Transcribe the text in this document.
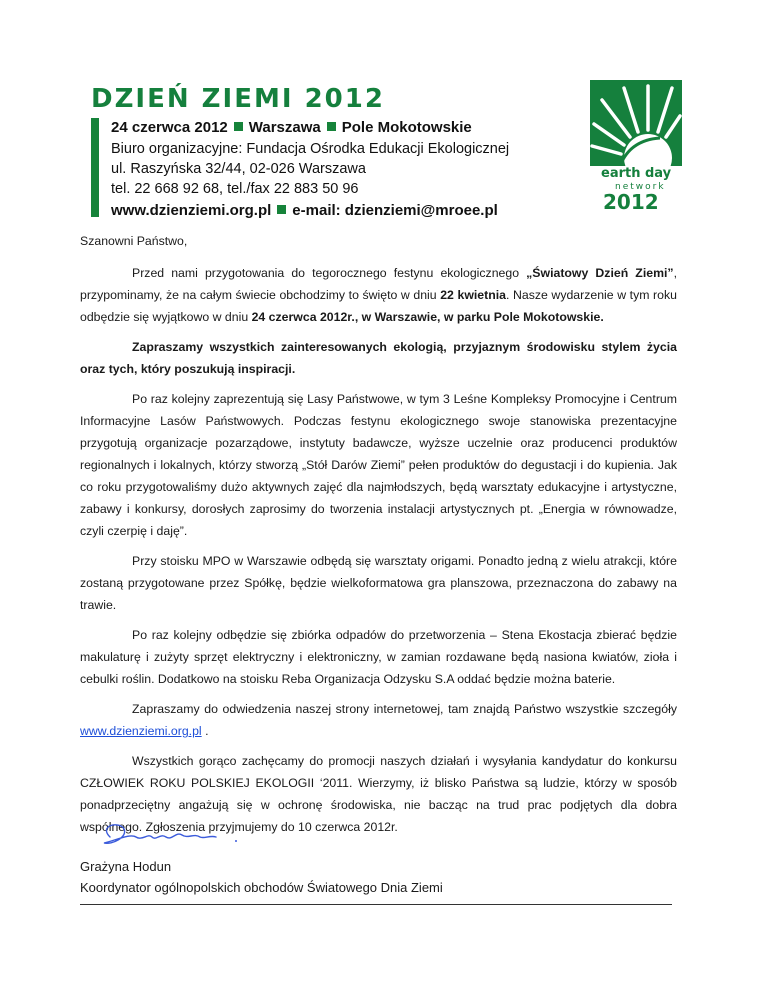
DZIEŃ ZIEMI 2012

24 czerwca 2012 Warszawa Pole Mokotowskie

Biuro organizacyjne: Fundacja Ośrodka Edukacji Ekologicznej

ul. Raszyńska 32/44, 02-026 Warszawa

tel. 22 668 92 68, tel./fax 22 883 50 96

www.dzienziemi.org.pl e-mail: dzienziemi@mroee.pl

earth day
network
2012

Szanowni Państwo,

Przed nami przygotowania do tegorocznego festynu ekologicznego „Światowy Dzień Ziemi”, przypominamy, że na całym świecie obchodzimy to święto w dniu 22 kwietnia. Nasze wydarzenie w tym roku odbędzie się wyjątkowo w dniu 24 czerwca 2012r., w Warszawie, w parku Pole Mokotowskie.

Zapraszamy wszystkich zainteresowanych ekologią, przyjaznym środowisku stylem życia oraz tych, który poszukują inspiracji.

Po raz kolejny zaprezentują się Lasy Państwowe, w tym 3 Leśne Kompleksy Promocyjne i Centrum Informacyjne Lasów Państwowych. Podczas festynu ekologicznego swoje stanowiska prezentacyjne przygotują organizacje pozarządowe, instytuty badawcze, wyższe uczelnie oraz producenci produktów regionalnych i lokalnych, którzy stworzą „Stół Darów Ziemi” pełen produktów do degustacji i do kupienia. Jak co roku przygotowaliśmy dużo aktywnych zajęć dla najmłodszych, będą warsztaty edukacyjne i artystyczne, zabawy i konkursy, dorosłych zaprosimy do tworzenia instalacji artystycznych pt. „Energia w równowadze, czyli czerpię i daję”.

Przy stoisku MPO w Warszawie odbędą się warsztaty origami. Ponadto jedną z wielu atrakcji, które zostaną przygotowane przez Spółkę, będzie wielkoformatowa gra planszowa, przeznaczona do zabawy na trawie.

Po raz kolejny odbędzie się zbiórka odpadów do przetworzenia – Stena Ekostacja zbierać będzie makulaturę i zużyty sprzęt elektryczny i elektroniczny, w zamian rozdawane będą nasiona kwiatów, zioła i cebulki roślin. Dodatkowo na stoisku Reba Organizacja Odzysku S.A oddać będzie można baterie.

Zapraszamy do odwiedzenia naszej strony internetowej, tam znajdą Państwo wszystkie szczegóły www.dzienziemi.org.pl .

Wszystkich gorąco zachęcamy do promocji naszych działań i wysyłania kandydatur do konkursu CZŁOWIEK ROKU POLSKIEJ EKOLOGII ‘2011. Wierzymy, iż blisko Państwa są ludzie, którzy w sposób ponadprzeciętny angażują się w ochronę środowiska, nie bacząc na trud prac podjętych dla dobra wspólnego. Zgłoszenia przyjmujemy do 10 czerwca 2012r.

Grażyna Hodun
Koordynator ogólnopolskich obchodów Światowego Dnia Ziemi
